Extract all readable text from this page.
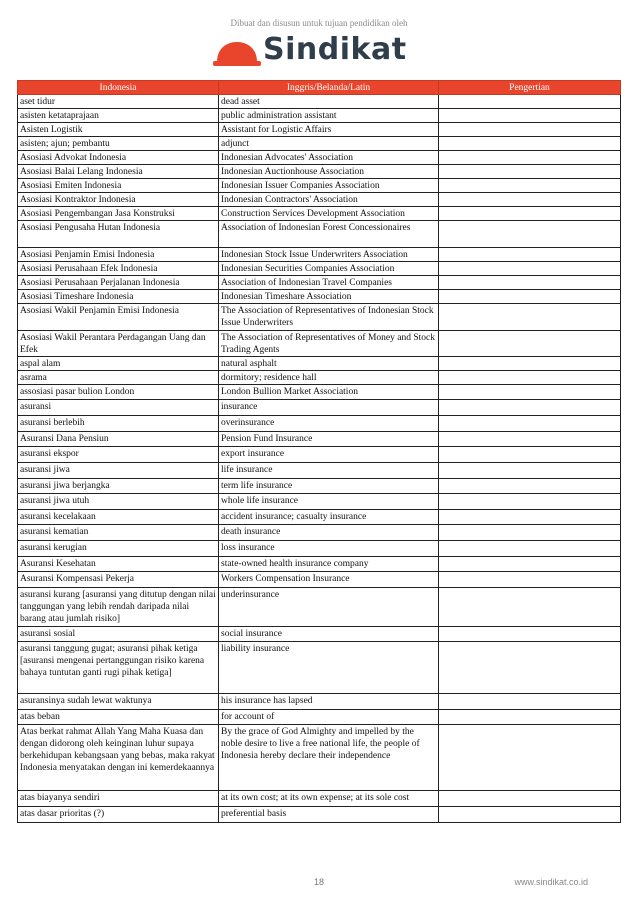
Dibuat dan disusun untuk tujuan pendidikan oleh
Sindikat
Indonesia	Inggris/Belanda/Latin	Pengertian
aset tidur	dead asset	
asisten ketataprajaan	public administration assistant	
Asisten Logistik	Assistant for Logistic Affairs	
asisten; ajun; pembantu	adjunct	
Asosiasi Advokat Indonesia	Indonesian Advocates' Association	
Asosiasi Balai Lelang Indonesia	Indonesian Auctionhouse Association	
Asosiasi Emiten Indonesia	Indonesian Issuer Companies Association	
Asosiasi Kontraktor Indonesia	Indonesian Contractors' Association	
Asosiasi Pengembangan Jasa Konstruksi	Construction Services Development Association	
Asosiasi Pengusaha Hutan Indonesia	Association of Indonesian Forest Concessionaires	
Asosiasi Penjamin Emisi Indonesia	Indonesian Stock Issue Underwriters Association	
Asosiasi Perusahaan Efek Indonesia	Indonesian Securities Companies Association	
Asosiasi Perusahaan Perjalanan Indonesia	Association of Indonesian Travel Companies	
Asosiasi Timeshare Indonesia	Indonesian Timeshare Association	
Asosiasi Wakil Penjamin Emisi Indonesia	The Association of Representatives of Indonesian Stock Issue Underwriters	
Asosiasi Wakil Perantara Perdagangan Uang dan Efek	The Association of Representatives of Money and Stock Trading Agents	
aspal alam	natural asphalt	
asrama	dormitory; residence hall	
assosiasi pasar bulion London	London Bullion Market Association	
asuransi	insurance	
asuransi berlebih	overinsurance	
Asuransi Dana Pensiun	Pension Fund Insurance	
asuransi ekspor	export insurance	
asuransi jiwa	life insurance	
asuransi jiwa berjangka	term life insurance	
asuransi jiwa utuh	whole life insurance	
asuransi kecelakaan	accident insurance; casualty insurance	
asuransi kematian	death insurance	
asuransi kerugian	loss insurance	
Asuransi Kesehatan	state-owned health insurance company	
Asuransi Kompensasi Pekerja	Workers Compensation Insurance	
asuransi kurang [asuransi yang ditutup dengan nilai tanggungan yang lebih rendah daripada nilai barang atau jumlah risiko]	underinsurance	
asuransi sosial	social insurance	
asuransi tanggung gugat; asuransi pihak ketiga [asuransi mengenai pertanggungan risiko karena bahaya tuntutan ganti rugi pihak ketiga]	liability insurance	
asuransinya sudah lewat waktunya	his insurance has lapsed	
atas beban	for account of	
Atas berkat rahmat Allah Yang Maha Kuasa dan dengan didorong oleh keinginan luhur supaya berkehidupan kebangsaan yang bebas, maka rakyat Indonesia menyatakan dengan ini kemerdekaannya	By the grace of God Almighty and impelled by the noble desire to live a free national life, the people of Indonesia hereby declare their independence	
atas biayanya sendiri	at its own cost; at its own expense; at its sole cost	
atas dasar prioritas (?)	preferential basis	
18	www.sindikat.co.id
